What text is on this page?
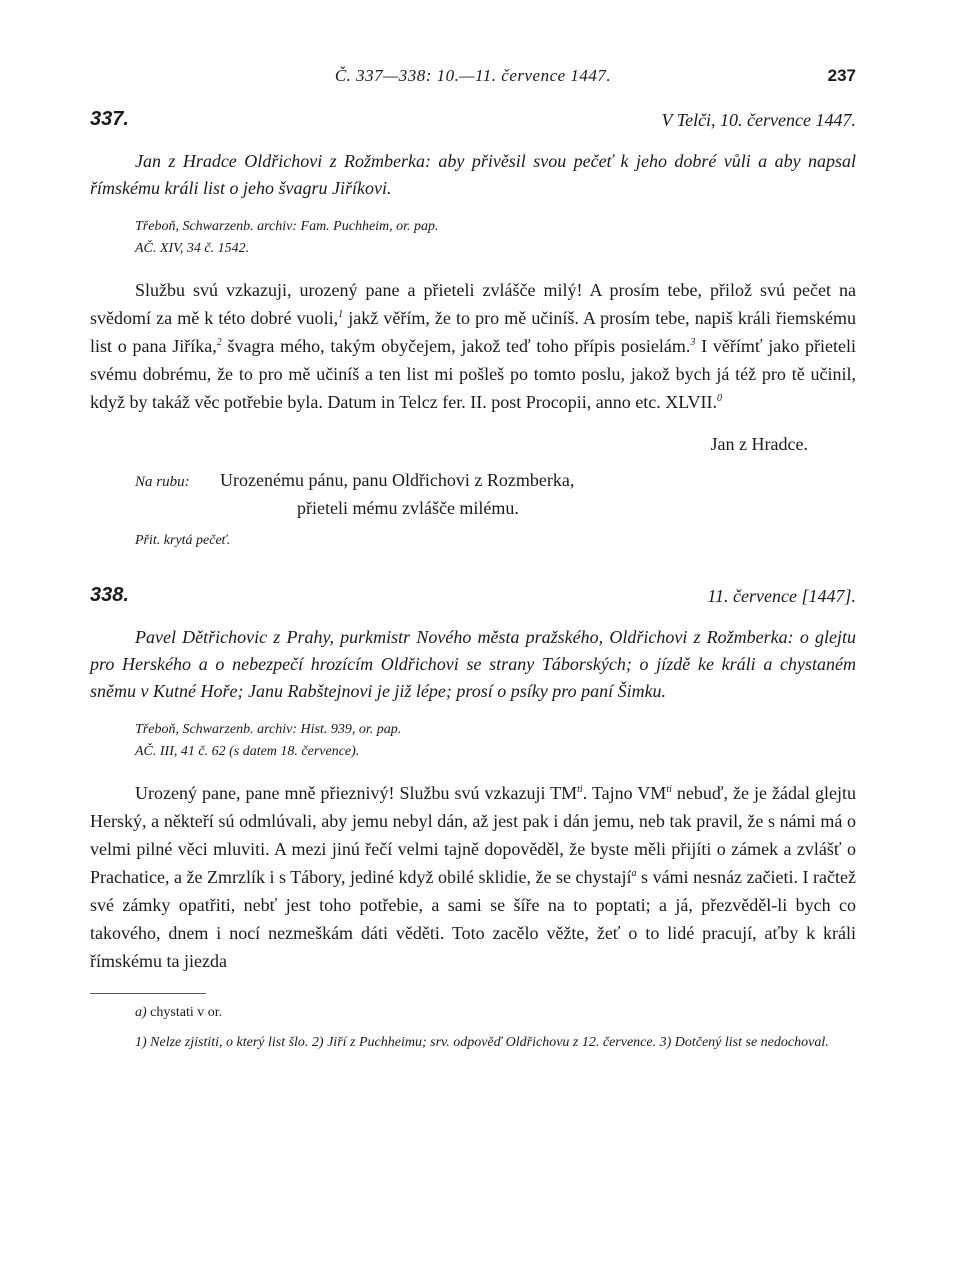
Č. 337—338: 10.—11. července 1447.	237
337.	V Telči, 10. července 1447.

Jan z Hradce Oldřichovi z Rožmberka: aby přivěsil svou pečeť k jeho dobré vůli a aby napsal římskému králi list o jeho švagru Jiříkovi.

Třeboň, Schwarzenb. archiv: Fam. Puchheim, or. pap.
AČ. XIV, 34 č. 1542.

Službu svú vzkazuji, urozený pane a přieteli zvlášče milý! A prosím tebe, přilož svú pečet na svědomí za mě k této dobré vuoli,$^1$ jakž věřím, že to pro mě učiníš. A prosím tebe, napiš králi řiemskému list o pana Jiříka,$^2$ švagra mého, takým obyčejem, jakož teď toho přípis posielám.$^3$ I věřímť jako přieteli svému dobrému, že to pro mě učiníš a ten list mi pošleš po tomto poslu, jakož bych já též pro tě učinil, když by takáž věc potřebie byla. Datum in Telcz fer. II. post Procopii, anno etc. XLVII.$^0$

Jan z Hradce.
Na rubu: Urozenému pánu, panu Oldřichovi z Rozmberka,
přieteli mému zvlášče milému.
Přit. krytá pečeť.
338.	11. července [1447].

Pavel Dětřichovic z Prahy, purkmistr Nového města pražského, Oldřichovi z Rožmberka: o glejtu pro Herského a o nebezpečí hrozícím Oldřichovi se strany Táborských; o jízdě ke králi a chystaném sněmu v Kutné Hoře; Janu Rabštejnovi je již lépe; prosí o psíky pro paní Šimku.

Třeboň, Schwarzenb. archiv: Hist. 939, or. pap.
AČ. III, 41 č. 62 (s datem 18. července).

Urozený pane, pane mně přieznivý! Službu svú vzkazuji $TM^{ti}$. Tajno $VM^{ti}$ nebuď, že je žádal glejtu Herský, a někteří sú odmlúvali, aby jemu nebyl dán, až jest pak i dán jemu, neb tak pravil, že s námi má o velmi pilné věci mluviti. A mezi jinú řečí velmi tajně dopověděl, že byste měli přijíti o zámek a zvlášť o Prachatice, a že Zmrzlík i s Tábory, jediné když obilé sklidie, že se chystají$^a$ s vámi nesnáz začieti. I račtež své zámky opatřiti, nebť jest toho potřebie, a sami se šíře na to poptati; a já, přezvěděl-li bych co takového, dnem i nocí nezmeškám dáti věděti. Toto zacělo věžte, žeť o to lidé pracují, aťby k králi římskému ta jiezda

a) chystati v or.
1) Nelze zjistiti, o který list šlo. 2) Jiří z Puchheimu; srv. odpověď Oldřichovu z 12. července. 3) Dotčený list se nedochoval.
